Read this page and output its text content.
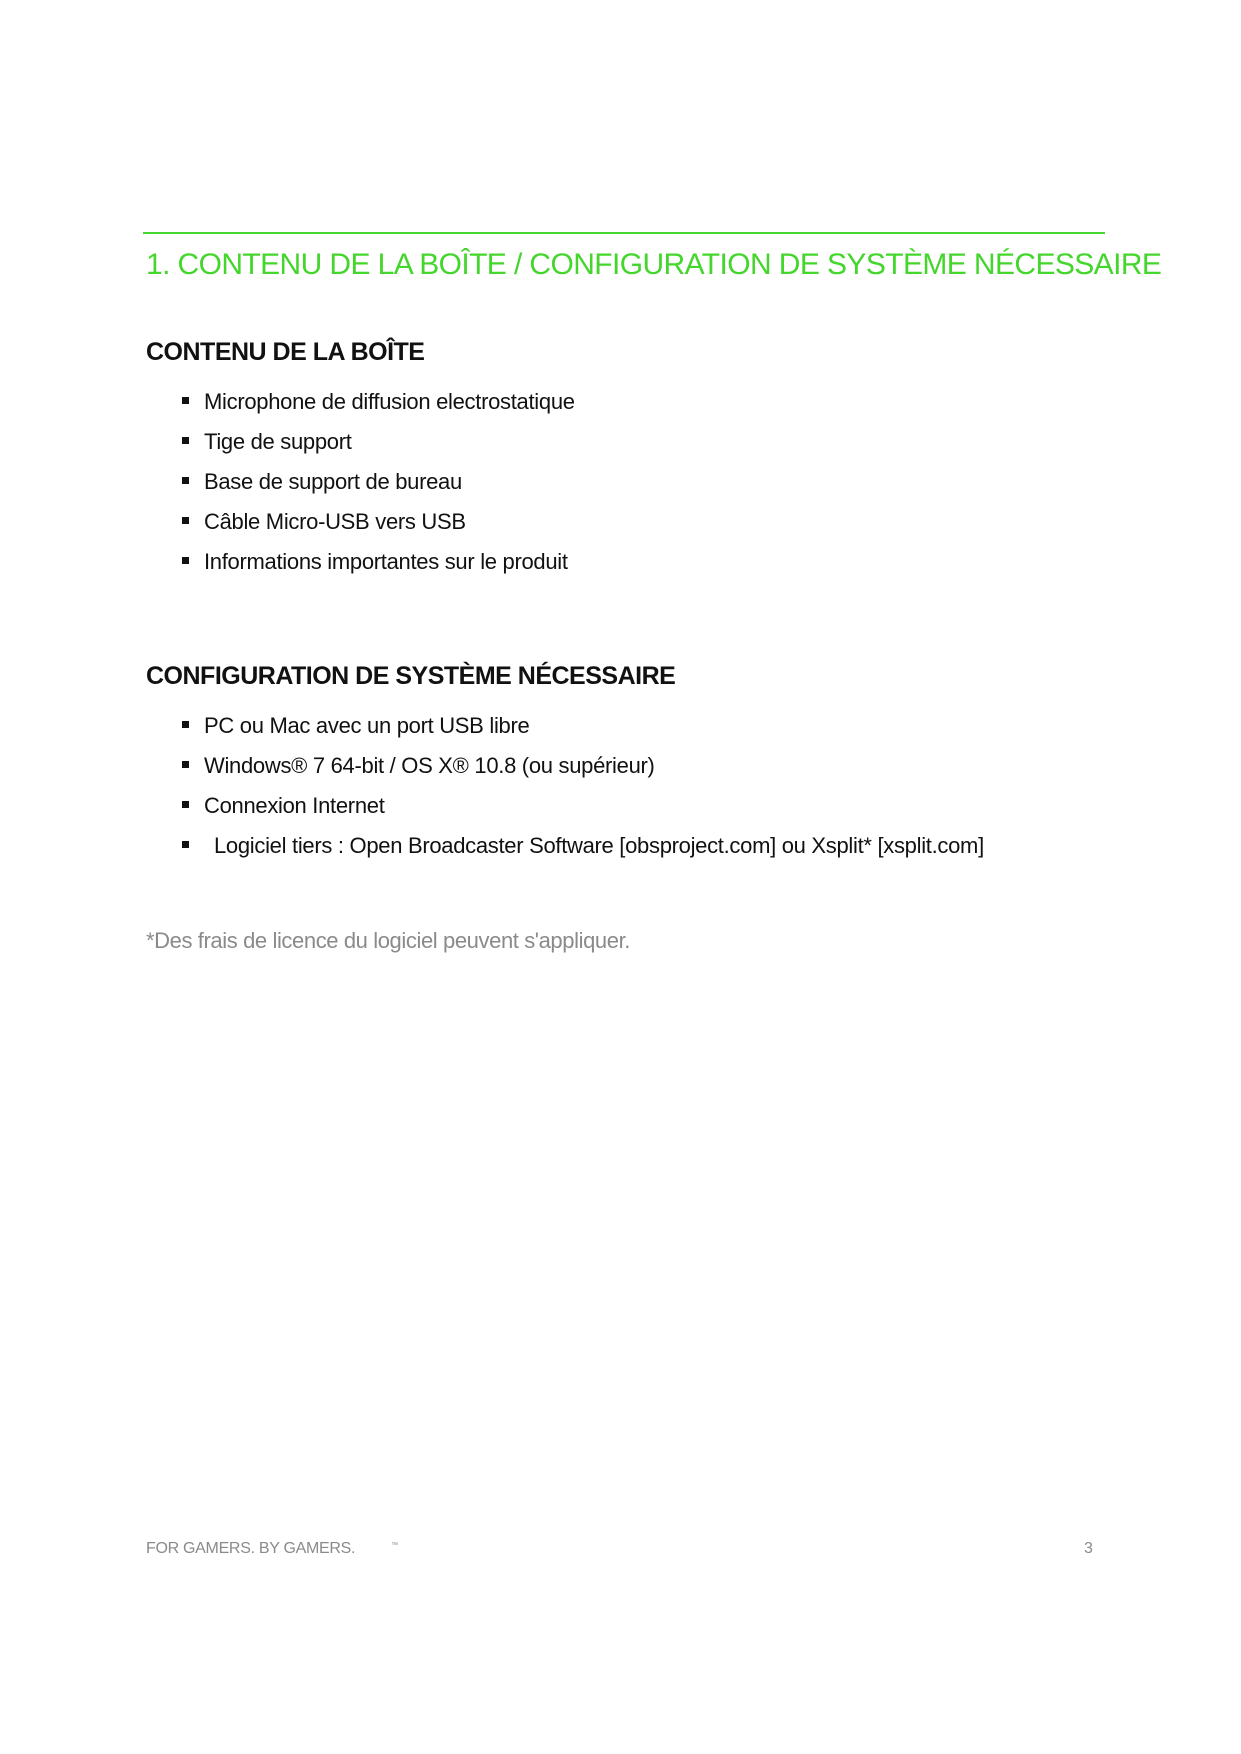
1. CONTENU DE LA BOÎTE / CONFIGURATION DE SYSTÈME NÉCESSAIRE
CONTENU DE LA BOÎTE
Microphone de diffusion electrostatique
Tige de support
Base de support de bureau
Câble Micro-USB vers USB
Informations importantes sur le produit
CONFIGURATION DE SYSTÈME NÉCESSAIRE
PC ou Mac avec un port USB libre
Windows® 7 64-bit / OS X® 10.8 (ou supérieur)
Connexion Internet
Logiciel tiers : Open Broadcaster Software [obsproject.com] ou Xsplit* [xsplit.com]
*Des frais de licence du logiciel peuvent s'appliquer.
FOR GAMERS. BY GAMERS.	™	3
